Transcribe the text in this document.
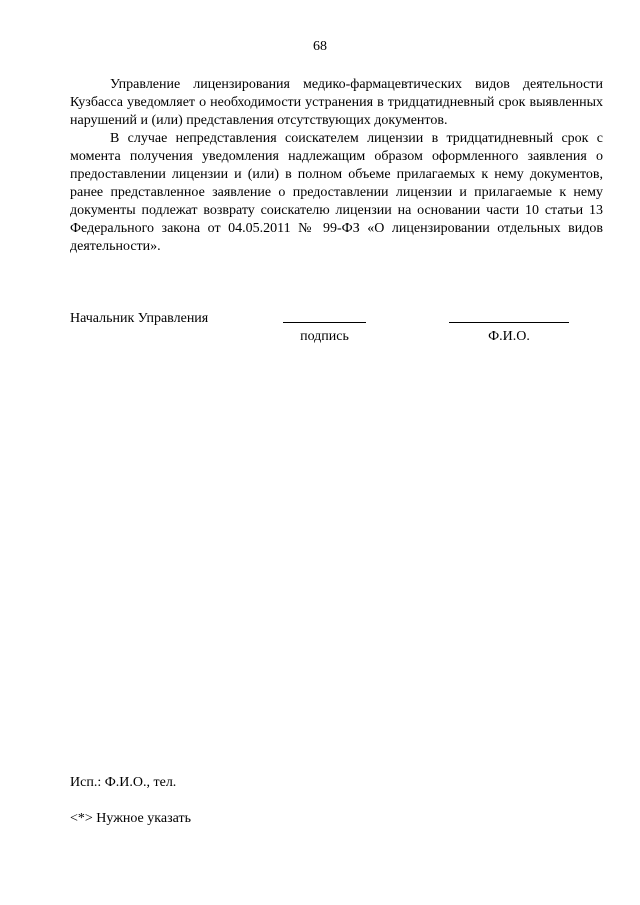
68

Управление лицензирования медико-фармацевтических видов деятельности Кузбасса уведомляет о необходимости устранения в тридцатидневный срок выявленных нарушений и (или) представления отсутствующих документов.

В случае непредставления соискателем лицензии в тридцатидневный срок с момента получения уведомления надлежащим образом оформленного заявления о предоставлении лицензии и (или) в полном объеме прилагаемых к нему документов, ранее представленное заявление о предоставлении лицензии и прилагаемые к нему документы подлежат возврату соискателю лицензии на основании части 10 статьи 13 Федерального закона от 04.05.2011 № 99-ФЗ «О лицензировании отдельных видов деятельности».

Начальник Управления
подпись	Ф.И.О.
Исп.: Ф.И.О., тел.
<*> Нужное указать
